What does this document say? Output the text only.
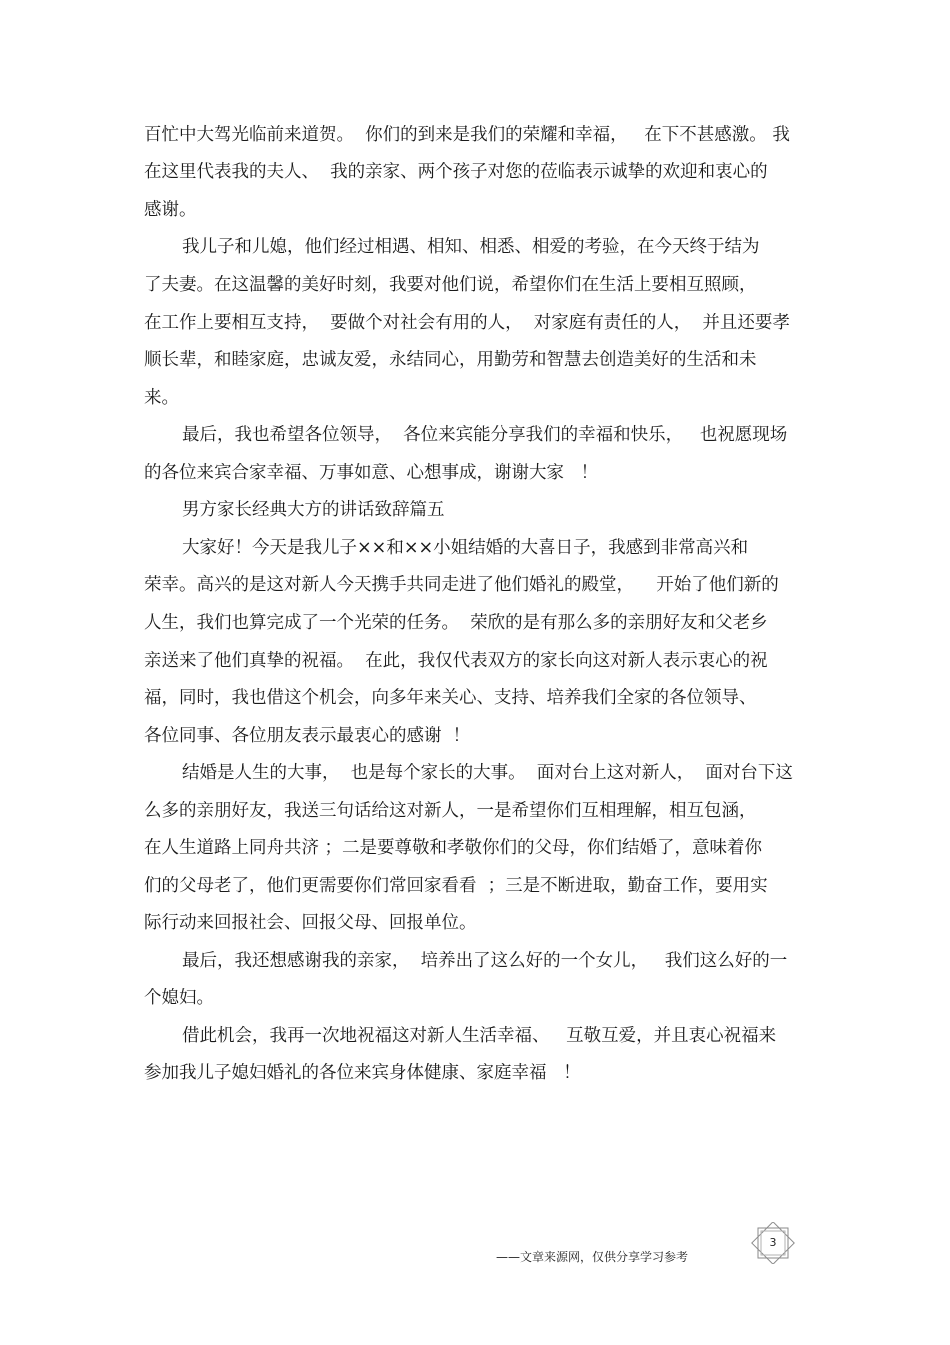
百忙中大驾光临前来道贺。  你们的到来是我们的荣耀和幸福，   在下不甚感激。 我
在这里代表我的夫人、  我的亲家、两个孩子对您的莅临表示诚挚的欢迎和衷心的
感谢。
我儿子和儿媳，他们经过相遇、相知、相悉、相爱的考验，在今天终于结为
了夫妻。在这温馨的美好时刻，我要对他们说，希望你们在生活上要相互照顾，
在工作上要相互支持，  要做个对社会有用的人，  对家庭有责任的人，  并且还要孝
顺长辈，和睦家庭，忠诚友爱，永结同心，用勤劳和智慧去创造美好的生活和未
来。
最后，我也希望各位领导，  各位来宾能分享我们的幸福和快乐，   也祝愿现场
的各位来宾合家幸福、万事如意、心想事成，谢谢大家   ！
男方家长经典大方的讲话致辞篇五
大家好！今天是我儿子××和××小姐结婚的大喜日子，我感到非常高兴和
荣幸。高兴的是这对新人今天携手共同走进了他们婚礼的殿堂，    开始了他们新的
人生，我们也算完成了一个光荣的任务。  荣欣的是有那么多的亲朋好友和父老乡
亲送来了他们真挚的祝福。  在此，我仅代表双方的家长向这对新人表示衷心的祝
福，同时，我也借这个机会，向多年来关心、支持、培养我们全家的各位领导、
各位同事、各位朋友表示最衷心的感谢  ！
结婚是人生的大事，  也是每个家长的大事。  面对台上这对新人，  面对台下这
么多的亲朋好友，我送三句话给这对新人，一是希望你们互相理解，相互包涵，
在人生道路上同舟共济 ；二是要尊敬和孝敬你们的父母，你们结婚了，意味着你
们的父母老了，他们更需要你们常回家看看  ；三是不断进取，勤奋工作，要用实
际行动来回报社会、回报父母、回报单位。
最后，我还想感谢我的亲家，  培养出了这么好的一个女儿，   我们这么好的一
个媳妇。
借此机会，我再一次地祝福这对新人生活幸福、   互敬互爱，并且衷心祝福来
参加我儿子媳妇婚礼的各位来宾身体健康、家庭幸福   ！
——文章来源网，仅供分享学习参考
3
